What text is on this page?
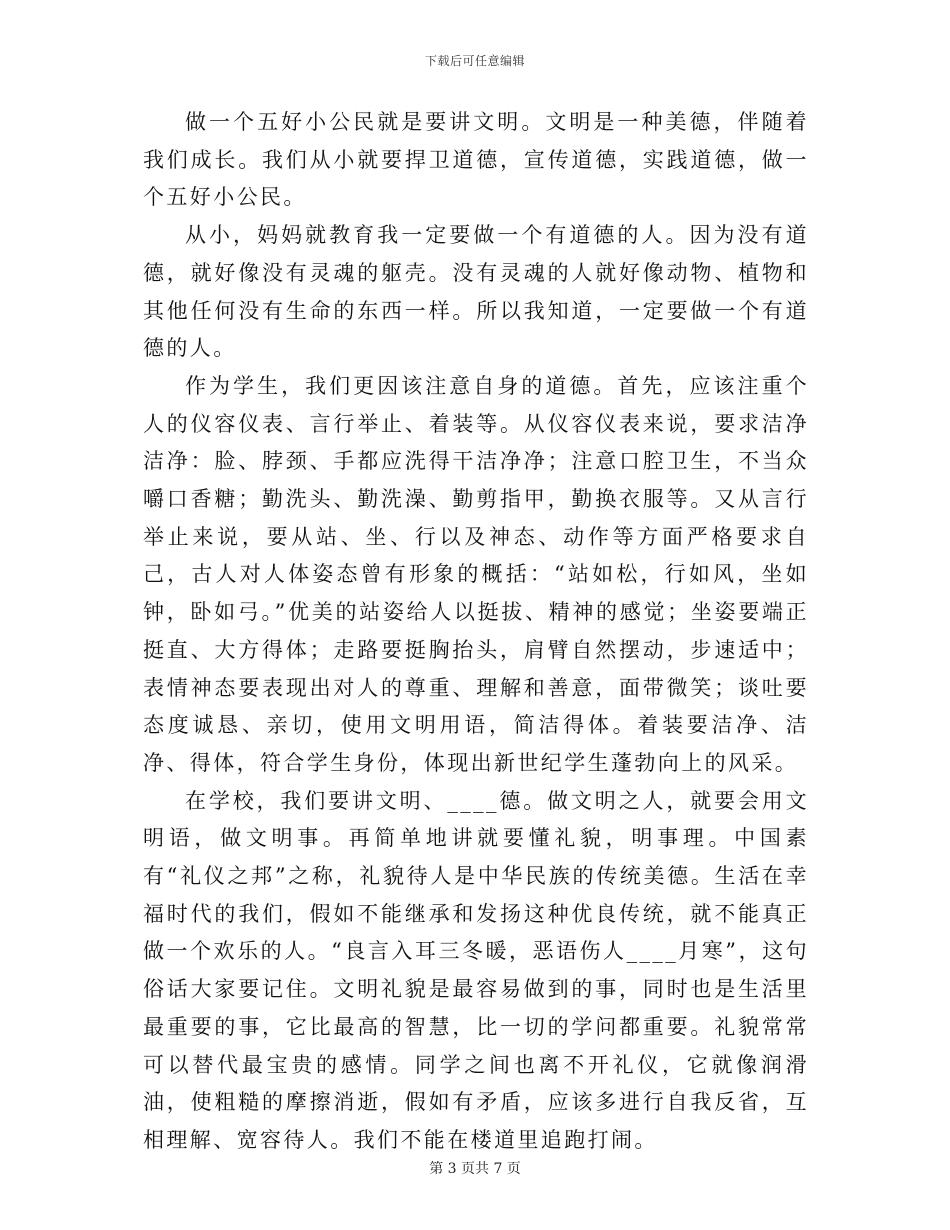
下载后可任意编辑

做一个五好小公民就是要讲文明。文明是一种美德，伴随着我们成长。我们从小就要捍卫道德，宣传道德，实践道德，做一个五好小公民。

从小，妈妈就教育我一定要做一个有道德的人。因为没有道德，就好像没有灵魂的躯壳。没有灵魂的人就好像动物、植物和其他任何没有生命的东西一样。所以我知道，一定要做一个有道德的人。

作为学生，我们更因该注意自身的道德。首先，应该注重个人的仪容仪表、言行举止、着装等。从仪容仪表来说，要求洁净洁净：脸、脖颈、手都应洗得干洁净净；注意口腔卫生，不当众嚼口香糖；勤洗头、勤洗澡、勤剪指甲，勤换衣服等。又从言行举止来说，要从站、坐、行以及神态、动作等方面严格要求自己，古人对人体姿态曾有形象的概括：“站如松，行如风，坐如钟，卧如弓。”优美的站姿给人以挺拔、精神的感觉；坐姿要端正挺直、大方得体；走路要挺胸抬头，肩臂自然摆动，步速适中；表情神态要表现出对人的尊重、理解和善意，面带微笑；谈吐要态度诚恳、亲切，使用文明用语，简洁得体。着装要洁净、洁净、得体，符合学生身份，体现出新世纪学生蓬勃向上的风采。

在学校，我们要讲文明、____德。做文明之人，就要会用文明语，做文明事。再简单地讲就要懂礼貌，明事理。中国素有“礼仪之邦”之称，礼貌待人是中华民族的传统美德。生活在幸福时代的我们，假如不能继承和发扬这种优良传统，就不能真正做一个欢乐的人。“良言入耳三冬暖，恶语伤人____月寒”，这句俗话大家要记住。文明礼貌是最容易做到的事，同时也是生活里最重要的事，它比最高的智慧，比一切的学问都重要。礼貌常常可以替代最宝贵的感情。同学之间也离不开礼仪，它就像润滑油，使粗糙的摩擦消逝，假如有矛盾，应该多进行自我反省，互相理解、宽容待人。我们不能在楼道里追跑打闹。

第 3 页共 7 页
